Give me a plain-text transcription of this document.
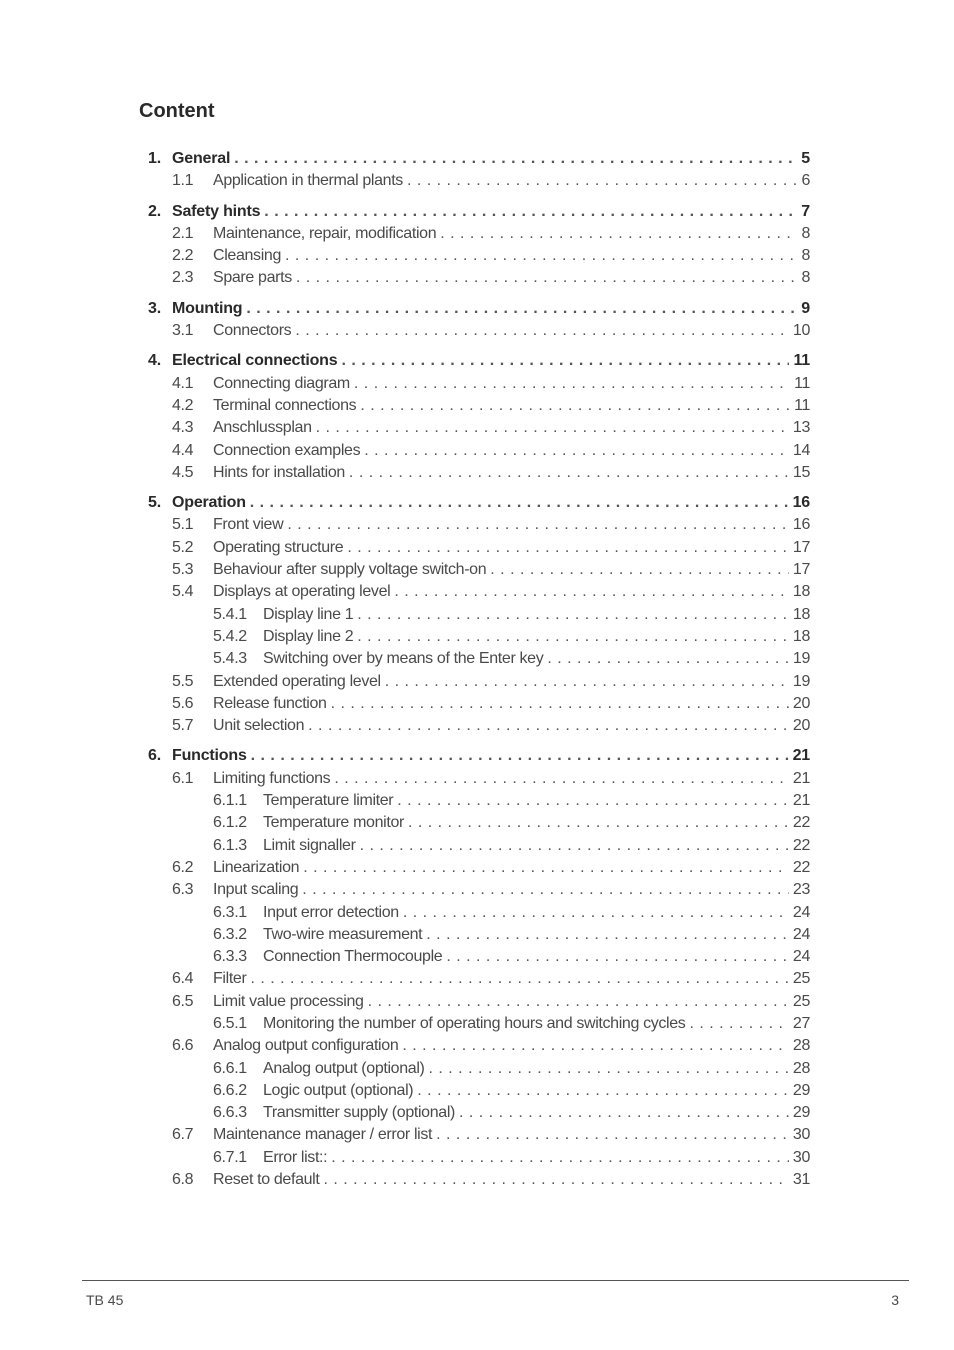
Content
1. General . . .	5
1.1	Application in thermal plants . . .	6
2. Safety hints . . .	7
2.1	Maintenance, repair, modification . . .	8
2.2	Cleansing . . .	8
2.3	Spare parts . . .	8
3. Mounting . . .	9
3.1	Connectors . . .	10
4. Electrical connections . . .	11
4.1	Connecting diagram . . .	11
4.2	Terminal connections . . .	11
4.3	Anschlussplan . . .	13
4.4	Connection examples . . .	14
4.5	Hints for installation . . .	15
5. Operation . . .	16
5.1	Front view . . .	16
5.2	Operating structure . . .	17
5.3	Behaviour after supply voltage switch-on . . .	17
5.4	Displays at operating level . . .	18
5.4.1	Display line 1 . . .	18
5.4.2	Display line 2 . . .	18
5.4.3	Switching over by means of the Enter key . . .	19
5.5	Extended operating level . . .	19
5.6	Release function . . .	20
5.7	Unit selection . . .	20
6. Functions . . .	21
6.1	Limiting functions . . .	21
6.1.1	Temperature limiter . . .	21
6.1.2	Temperature monitor . . .	22
6.1.3	Limit signaller . . .	22
6.2	Linearization . . .	22
6.3	Input scaling . . .	23
6.3.1	Input error detection . . .	24
6.3.2	Two-wire measurement . . .	24
6.3.3	Connection Thermocouple . . .	24
6.4	Filter . . .	25
6.5	Limit value processing . . .	25
6.5.1	Monitoring the number of operating hours and switching cycles . . .	27
6.6	Analog output configuration . . .	28
6.6.1	Analog output (optional) . . .	28
6.6.2	Logic output (optional) . . .	29
6.6.3	Transmitter supply (optional) . . .	29
6.7	Maintenance manager / error list . . .	30
6.7.1	Error list:: . . .	30
6.8	Reset to default . . .	31
TB 45	3
